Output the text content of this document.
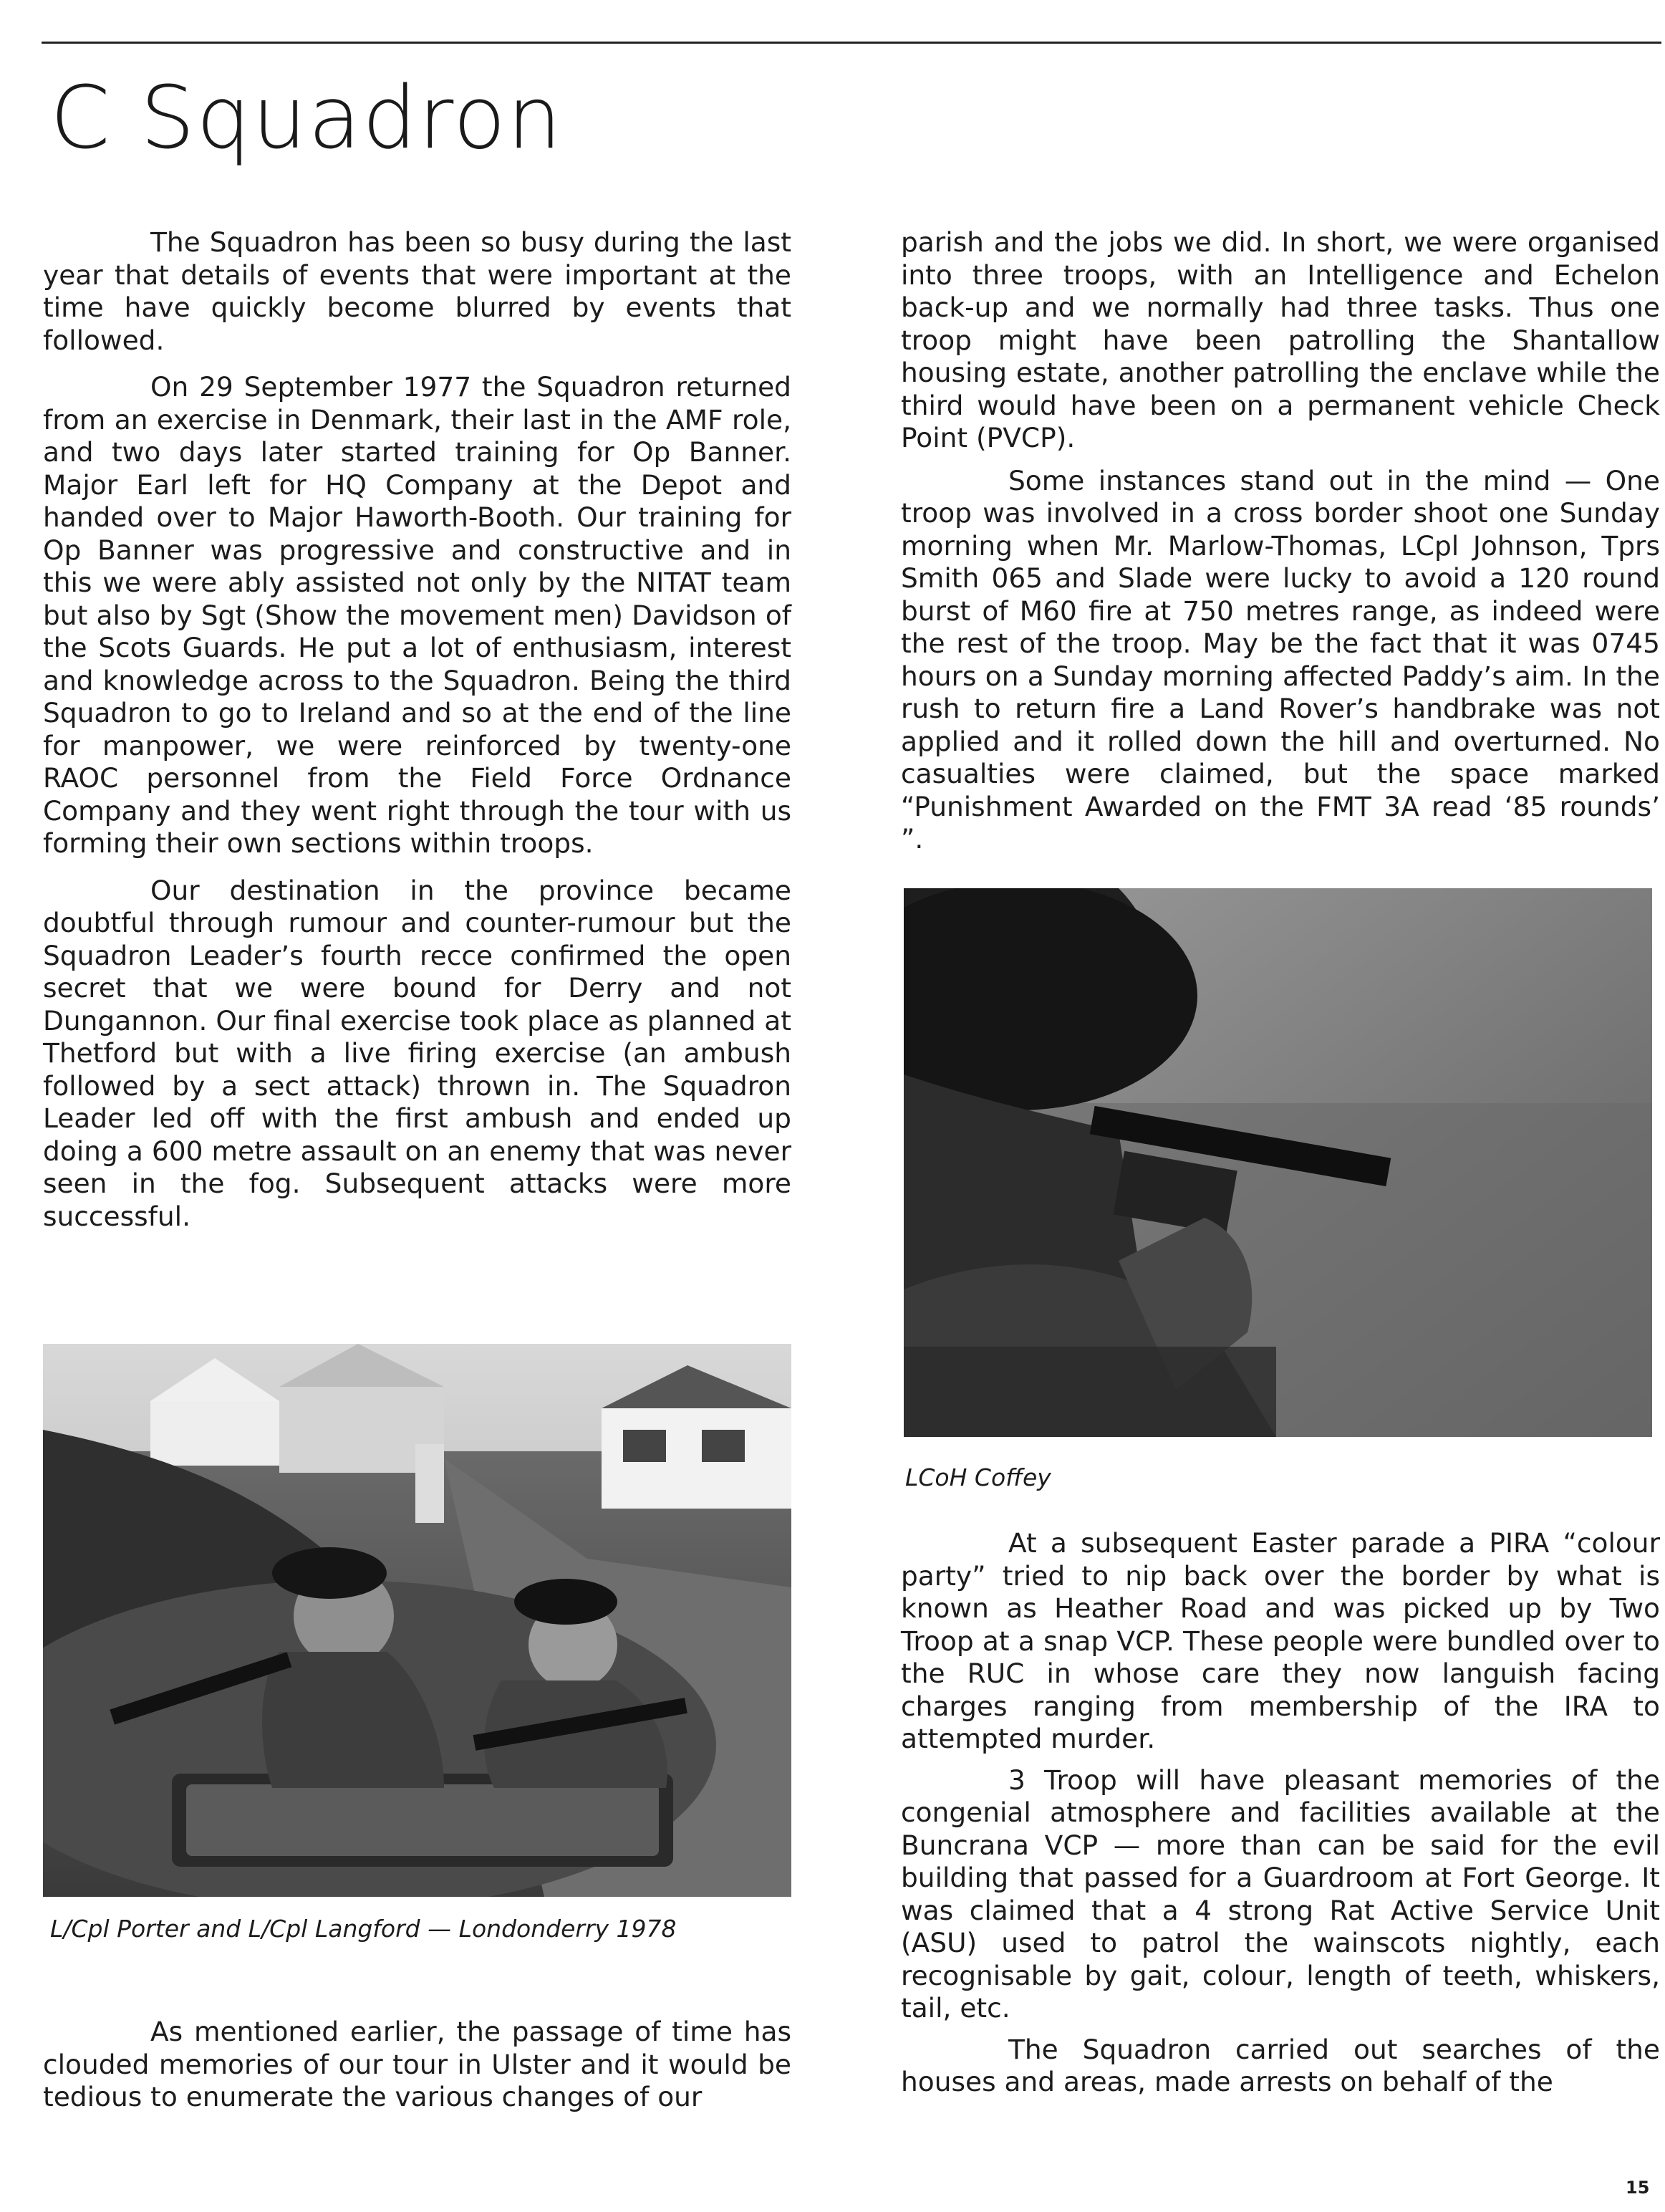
C Squadron

The Squadron has been so busy during the last year that details of events that were important at the time have quickly become blurred by events that followed.

On 29 September 1977 the Squadron returned from an exercise in Denmark, their last in the AMF role, and two days later started training for Op Banner. Major Earl left for HQ Company at the Depot and handed over to Major Haworth-Booth. Our training for Op Banner was progressive and constructive and in this we were ably assisted not only by the NITAT team but also by Sgt (Show the movement men) Davidson of the Scots Guards. He put a lot of enthusiasm, interest and knowledge across to the Squadron. Being the third Squadron to go to Ireland and so at the end of the line for manpower, we were reinforced by twenty-one RAOC personnel from the Field Force Ordnance Company and they went right through the tour with us forming their own sections within troops.

Our destination in the province became doubtful through rumour and counter-rumour but the Squadron Leader’s fourth recce confirmed the open secret that we were bound for Derry and not Dungannon. Our final exercise took place as planned at Thetford but with a live firing exercise (an ambush followed by a sect attack) thrown in. The Squadron Leader led off with the first ambush and ended up doing a 600 metre assault on an enemy that was never seen in the fog. Subsequent attacks were more successful.

L/Cpl Porter and L/Cpl Langford — Londonderry 1978

As mentioned earlier, the passage of time has clouded memories of our tour in Ulster and it would be tedious to enumerate the various changes of our

parish and the jobs we did. In short, we were organised into three troops, with an Intelligence and Echelon back-up and we normally had three tasks. Thus one troop might have been patrolling the Shantallow housing estate, another patrolling the enclave while the third would have been on a permanent vehicle Check Point (PVCP).

Some instances stand out in the mind — One troop was involved in a cross border shoot one Sunday morning when Mr. Marlow-Thomas, LCpl Johnson, Tprs Smith 065 and Slade were lucky to avoid a 120 round burst of M60 fire at 750 metres range, as indeed were the rest of the troop. May be the fact that it was 0745 hours on a Sunday morning affected Paddy’s aim. In the rush to return fire a Land Rover’s handbrake was not applied and it rolled down the hill and overturned. No casualties were claimed, but the space marked “Punishment Awarded on the FMT 3A read ‘85 rounds’ ”.

LCoH Coffey

At a subsequent Easter parade a PIRA “colour party” tried to nip back over the border by what is known as Heather Road and was picked up by Two Troop at a snap VCP. These people were bundled over to the RUC in whose care they now languish facing charges ranging from membership of the IRA to attempted murder.

3 Troop will have pleasant memories of the congenial atmosphere and facilities available at the Buncrana VCP — more than can be said for the evil building that passed for a Guardroom at Fort George. It was claimed that a 4 strong Rat Active Service Unit (ASU) used to patrol the wainscots nightly, each recognisable by gait, colour, length of teeth, whiskers, tail, etc.

The Squadron carried out searches of the houses and areas, made arrests on behalf of the

15
